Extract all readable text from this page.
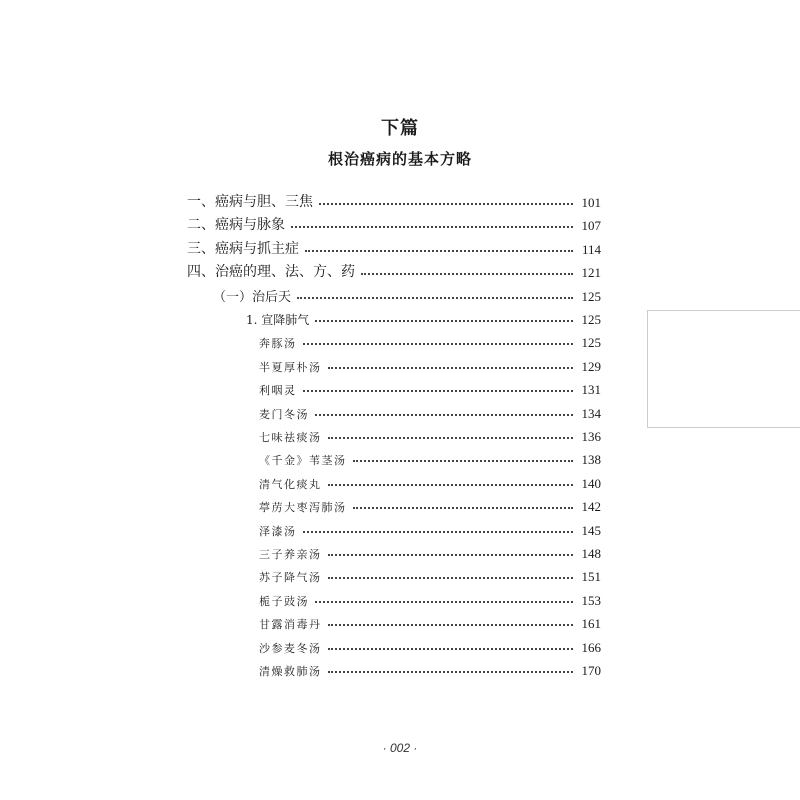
下篇
根治癌病的基本方略
一、癌病与胆、三焦	101
二、癌病与脉象	107
三、癌病与抓主症	114
四、治癌的理、法、方、药	121
（一）治后天	125
1. 宣降肺气	125
奔豚汤	125
半夏厚朴汤	129
利咽灵	131
麦门冬汤	134
七味祛痰汤	136
《千金》苇茎汤	138
清气化痰丸	140
葶苈大枣泻肺汤	142
泽漆汤	145
三子养亲汤	148
苏子降气汤	151
栀子豉汤	153
甘露消毒丹	161
沙参麦冬汤	166
清燥救肺汤	170
· 002 ·
